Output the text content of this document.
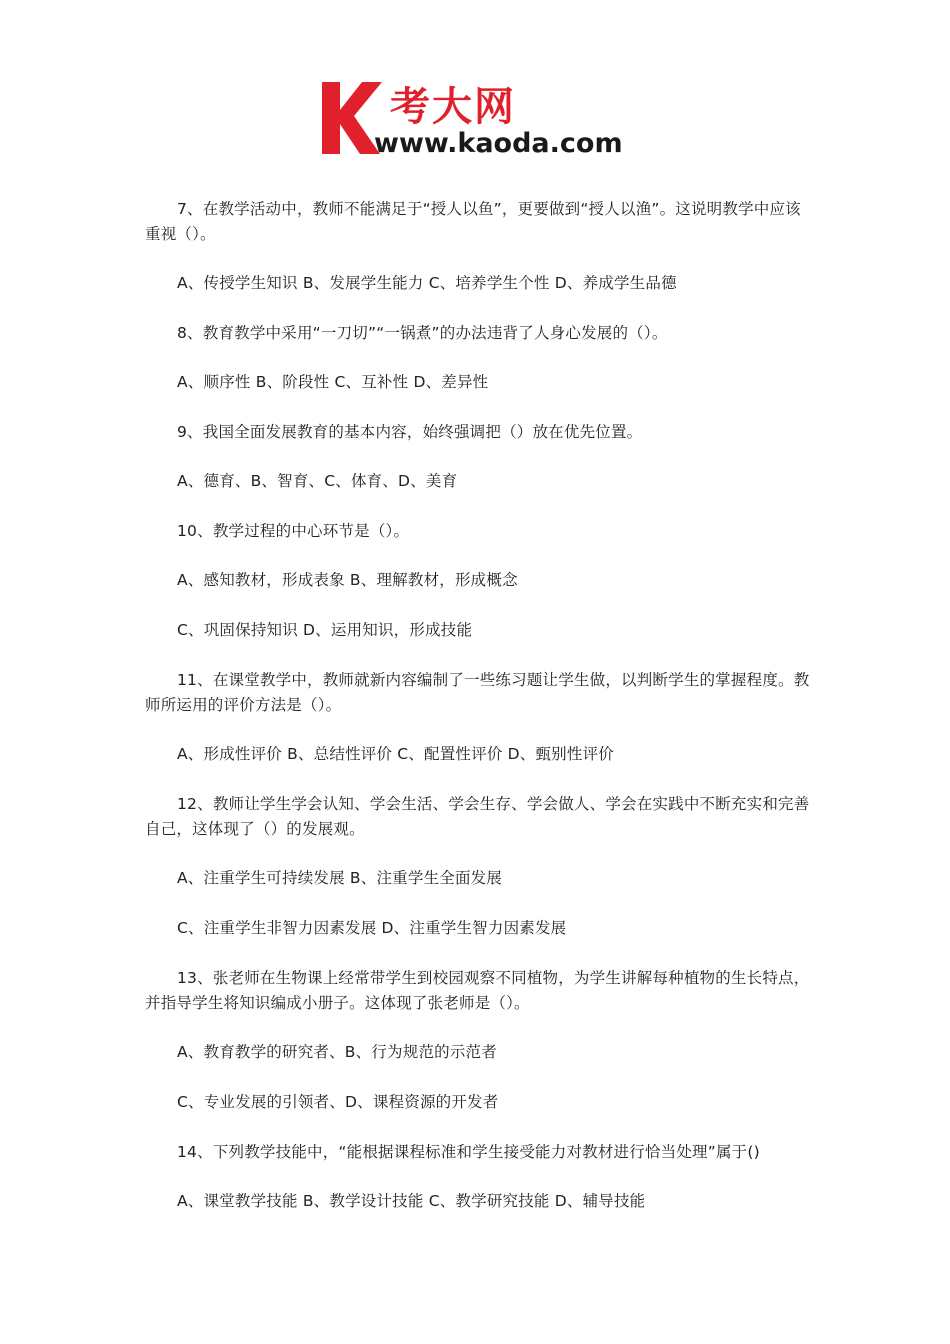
考大网
www.kaoda.com

7、在教学活动中，教师不能满足于“授人以鱼”，更要做到“授人以渔”。这说明教学中应该重视（）。

A、传授学生知识 B、发展学生能力 C、培养学生个性 D、养成学生品德

8、教育教学中采用“一刀切”“一锅煮”的办法违背了人身心发展的（）。

A、顺序性 B、阶段性 C、互补性 D、差异性

9、我国全面发展教育的基本内容，始终强调把（）放在优先位置。

A、德育、B、智育、C、体育、D、美育

10、教学过程的中心环节是（）。

A、感知教材，形成表象 B、理解教材，形成概念

C、巩固保持知识 D、运用知识，形成技能

11、在课堂教学中，教师就新内容编制了一些练习题让学生做，以判断学生的掌握程度。教师所运用的评价方法是（）。

A、形成性评价 B、总结性评价 C、配置性评价 D、甄别性评价

12、教师让学生学会认知、学会生活、学会生存、学会做人、学会在实践中不断充实和完善自己，这体现了（）的发展观。

A、注重学生可持续发展 B、注重学生全面发展

C、注重学生非智力因素发展 D、注重学生智力因素发展

13、张老师在生物课上经常带学生到校园观察不同植物，为学生讲解每种植物的生长特点，并指导学生将知识编成小册子。这体现了张老师是（）。

A、教育教学的研究者、B、行为规范的示范者

C、专业发展的引领者、D、课程资源的开发者

14、下列教学技能中，“能根据课程标准和学生接受能力对教材进行恰当处理”属于()

A、课堂教学技能 B、教学设计技能 C、教学研究技能 D、辅导技能
